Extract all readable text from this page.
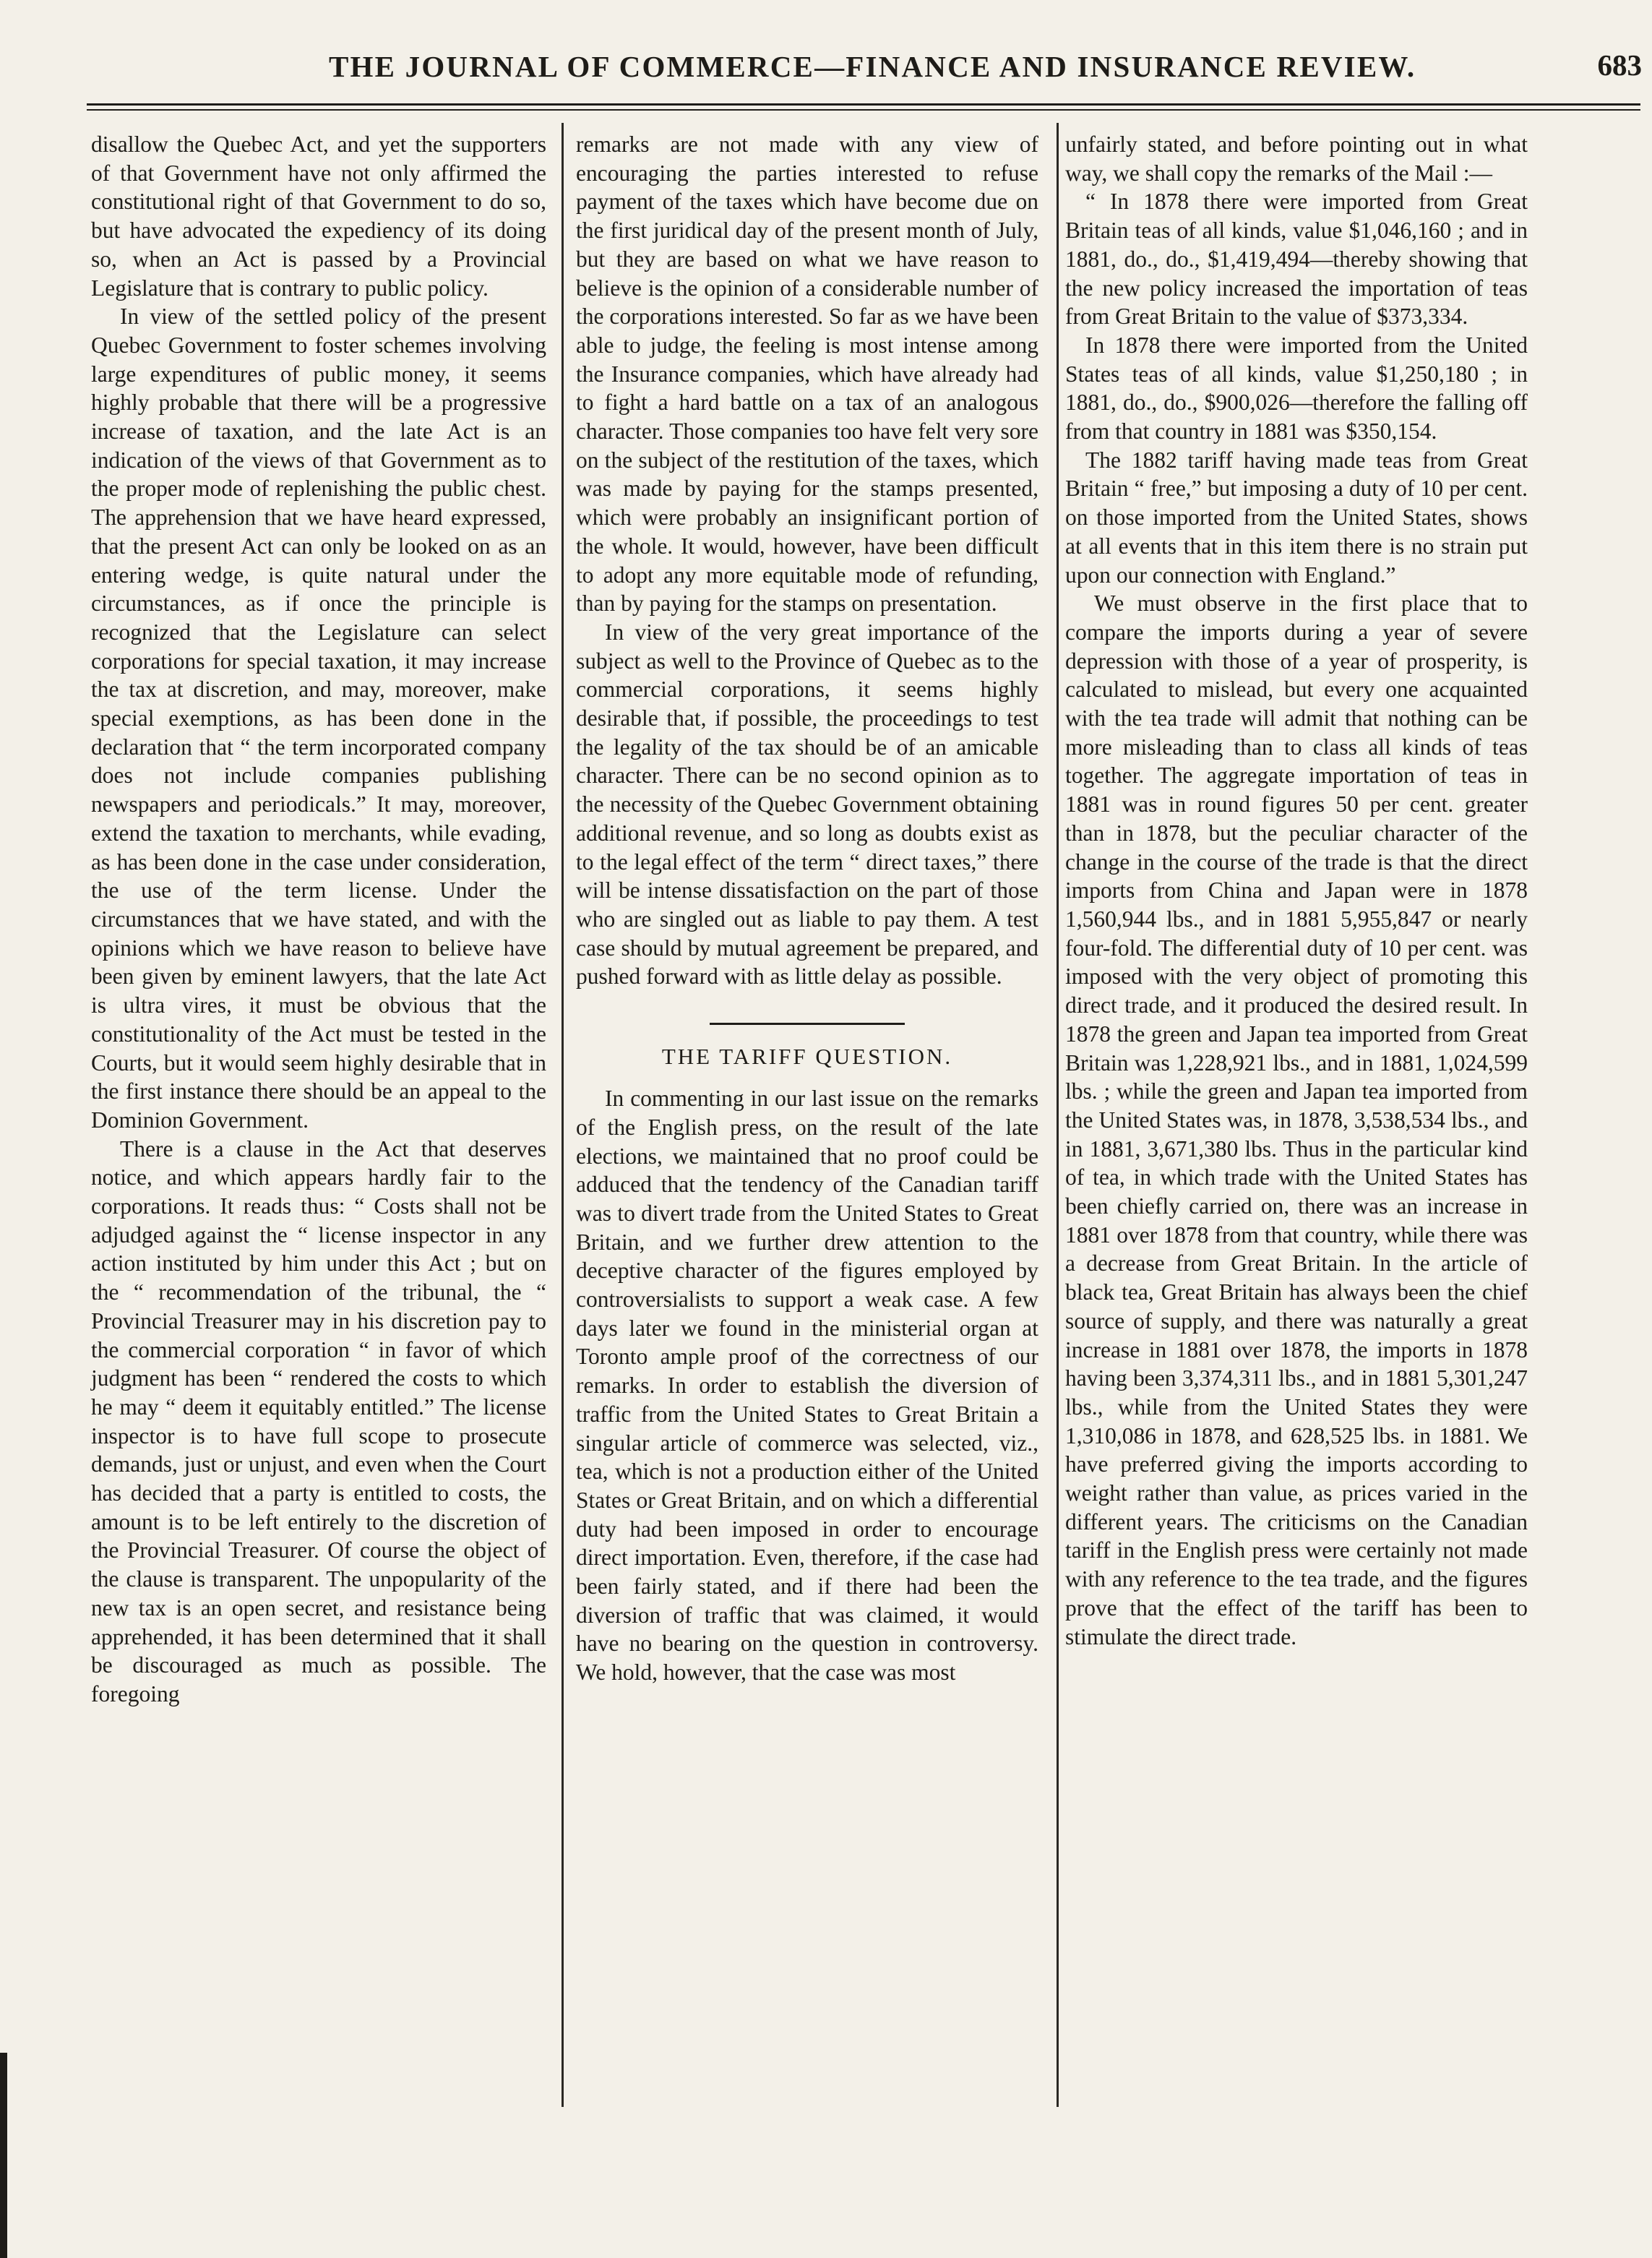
THE JOURNAL OF COMMERCE—FINANCE AND INSURANCE REVIEW.	683

disallow the Quebec Act, and yet the supporters of that Government have not only affirmed the constitutional right of that Government to do so, but have advocated the expediency of its doing so, when an Act is passed by a Provincial Legislature that is contrary to public policy.

In view of the settled policy of the present Quebec Government to foster schemes involving large expenditures of public money, it seems highly probable that there will be a progressive increase of taxation, and the late Act is an indication of the views of that Government as to the proper mode of replenishing the public chest. The apprehension that we have heard expressed, that the present Act can only be looked on as an entering wedge, is quite natural under the circumstances, as if once the principle is recognized that the Legislature can select corporations for special taxation, it may increase the tax at discretion, and may, moreover, make special exemptions, as has been done in the declaration that “ the term incorporated company does not include companies publishing newspapers and periodicals.” It may, moreover, extend the taxation to merchants, while evading, as has been done in the case under consideration, the use of the term license. Under the circumstances that we have stated, and with the opinions which we have reason to believe have been given by eminent lawyers, that the late Act is ultra vires, it must be obvious that the constitutionality of the Act must be tested in the Courts, but it would seem highly desirable that in the first instance there should be an appeal to the Dominion Government.

There is a clause in the Act that deserves notice, and which appears hardly fair to the corporations. It reads thus: “ Costs shall not be adjudged against the “ license inspector in any action instituted by him under this Act ; but on the “ recommendation of the tribunal, the “ Provincial Treasurer may in his discretion pay to the commercial corporation “ in favor of which judgment has been “ rendered the costs to which he may “ deem it equitably entitled.” The license inspector is to have full scope to prosecute demands, just or unjust, and even when the Court has decided that a party is entitled to costs, the amount is to be left entirely to the discretion of the Provincial Treasurer. Of course the object of the clause is transparent. The unpopularity of the new tax is an open secret, and resistance being apprehended, it has been determined that it shall be discouraged as much as possible. The foregoing

remarks are not made with any view of encouraging the parties interested to refuse payment of the taxes which have become due on the first juridical day of the present month of July, but they are based on what we have reason to believe is the opinion of a considerable number of the corporations interested. So far as we have been able to judge, the feeling is most intense among the Insurance companies, which have already had to fight a hard battle on a tax of an analogous character. Those companies too have felt very sore on the subject of the restitution of the taxes, which was made by paying for the stamps presented, which were probably an insignificant portion of the whole. It would, however, have been difficult to adopt any more equitable mode of refunding, than by paying for the stamps on presentation.

In view of the very great importance of the subject as well to the Province of Quebec as to the commercial corporations, it seems highly desirable that, if possible, the proceedings to test the legality of the tax should be of an amicable character. There can be no second opinion as to the necessity of the Quebec Government obtaining additional revenue, and so long as doubts exist as to the legal effect of the term “ direct taxes,” there will be intense dissatisfaction on the part of those who are singled out as liable to pay them. A test case should by mutual agreement be prepared, and pushed forward with as little delay as possible.

THE TARIFF QUESTION.

In commenting in our last issue on the remarks of the English press, on the result of the late elections, we maintained that no proof could be adduced that the tendency of the Canadian tariff was to divert trade from the United States to Great Britain, and we further drew attention to the deceptive character of the figures employed by controversialists to support a weak case. A few days later we found in the ministerial organ at Toronto ample proof of the correctness of our remarks. In order to establish the diversion of traffic from the United States to Great Britain a singular article of commerce was selected, viz., tea, which is not a production either of the United States or Great Britain, and on which a differential duty had been imposed in order to encourage direct importation. Even, therefore, if the case had been fairly stated, and if there had been the diversion of traffic that was claimed, it would have no bearing on the question in controversy. We hold, however, that the case was most

unfairly stated, and before pointing out in what way, we shall copy the remarks of the Mail :—

“ In 1878 there were imported from Great Britain teas of all kinds, value $1,046,160 ; and in 1881, do., do., $1,419,494—thereby showing that the new policy increased the importation of teas from Great Britain to the value of $373,334.

In 1878 there were imported from the United States teas of all kinds, value $1,250,180 ; in 1881, do., do., $900,026—therefore the falling off from that country in 1881 was $350,154.

The 1882 tariff having made teas from Great Britain “ free,” but imposing a duty of 10 per cent. on those imported from the United States, shows at all events that in this item there is no strain put upon our connection with England.”

We must observe in the first place that to compare the imports during a year of severe depression with those of a year of prosperity, is calculated to mislead, but every one acquainted with the tea trade will admit that nothing can be more misleading than to class all kinds of teas together. The aggregate importation of teas in 1881 was in round figures 50 per cent. greater than in 1878, but the peculiar character of the change in the course of the trade is that the direct imports from China and Japan were in 1878 1,560,944 lbs., and in 1881 5,955,847 or nearly four-fold. The differential duty of 10 per cent. was imposed with the very object of promoting this direct trade, and it produced the desired result. In 1878 the green and Japan tea imported from Great Britain was 1,228,921 lbs., and in 1881, 1,024,599 lbs. ; while the green and Japan tea imported from the United States was, in 1878, 3,538,534 lbs., and in 1881, 3,671,380 lbs. Thus in the particular kind of tea, in which trade with the United States has been chiefly carried on, there was an increase in 1881 over 1878 from that country, while there was a decrease from Great Britain. In the article of black tea, Great Britain has always been the chief source of supply, and there was naturally a great increase in 1881 over 1878, the imports in 1878 having been 3,374,311 lbs., and in 1881 5,301,247 lbs., while from the United States they were 1,310,086 in 1878, and 628,525 lbs. in 1881. We have preferred giving the imports according to weight rather than value, as prices varied in the different years. The criticisms on the Canadian tariff in the English press were certainly not made with any reference to the tea trade, and the figures prove that the effect of the tariff has been to stimulate the direct trade.
